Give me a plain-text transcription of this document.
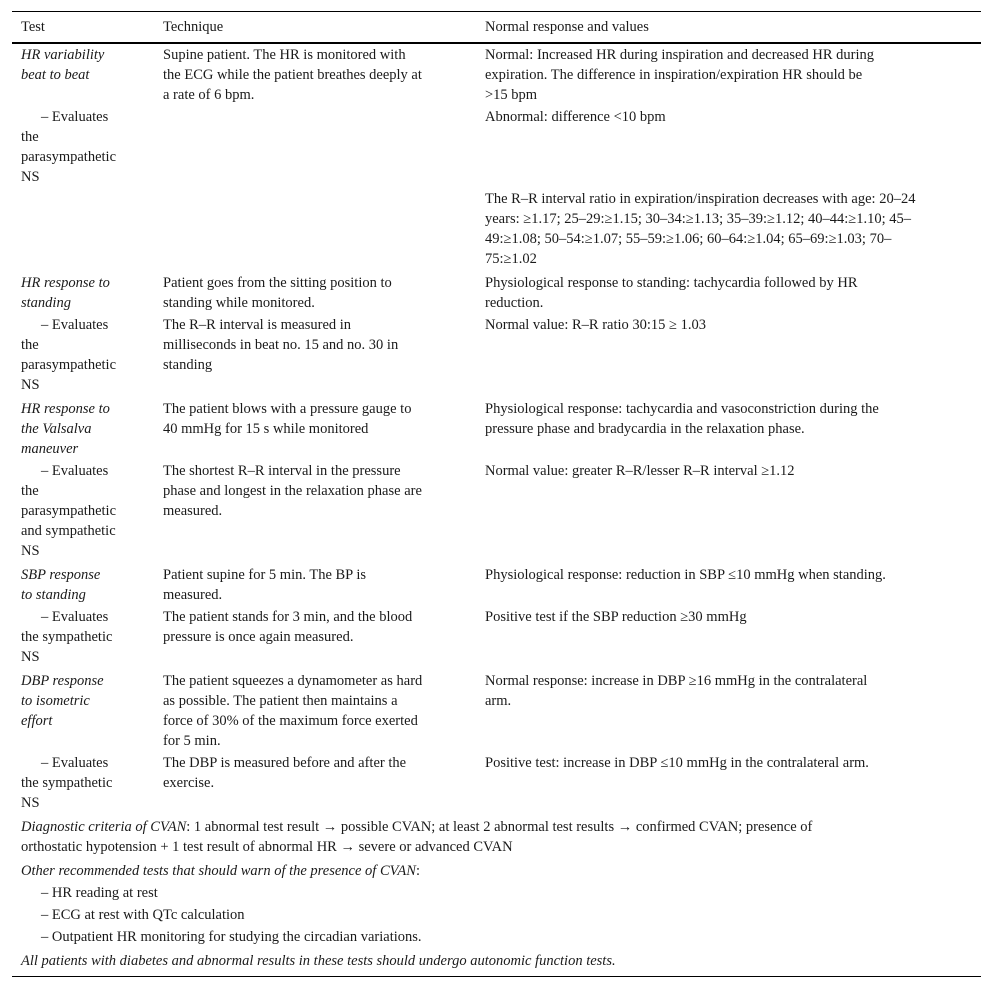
Test	Technique	Normal response and values
HR variability
beat to beat
– Evaluates
the
parasympathetic
NS
Supine patient. The HR is monitored with
the ECG while the patient breathes deeply at
a rate of 6 bpm.
Normal: Increased HR during inspiration and decreased HR during
expiration. The difference in inspiration/expiration HR should be
>15 bpm
Abnormal: difference <10 bpm
The R–R interval ratio in expiration/inspiration decreases with age: 20–24
years: ≥1.17; 25–29:≥1.15; 30–34:≥1.13; 35–39:≥1.12; 40–44:≥1.10; 45–
49:≥1.08; 50–54:≥1.07; 55–59:≥1.06; 60–64:≥1.04; 65–69:≥1.03; 70–
75:≥1.02
HR response to
standing
– Evaluates
the
parasympathetic
NS
Patient goes from the sitting position to
standing while monitored.
The R–R interval is measured in
milliseconds in beat no. 15 and no. 30 in
standing
Physiological response to standing: tachycardia followed by HR
reduction.
Normal value: R–R ratio 30:15 ≥ 1.03
HR response to
the Valsalva
maneuver
– Evaluates
the
parasympathetic
and sympathetic
NS
The patient blows with a pressure gauge to
40 mmHg for 15 s while monitored
The shortest R–R interval in the pressure
phase and longest in the relaxation phase are
measured.
Physiological response: tachycardia and vasoconstriction during the
pressure phase and bradycardia in the relaxation phase.
Normal value: greater R–R/lesser R–R interval ≥1.12
SBP response
to standing
– Evaluates
the sympathetic
NS
Patient supine for 5 min. The BP is
measured.
The patient stands for 3 min, and the blood
pressure is once again measured.
Physiological response: reduction in SBP ≤10 mmHg when standing.
Positive test if the SBP reduction ≥30 mmHg
DBP response
to isometric
effort
– Evaluates
the sympathetic
NS
The patient squeezes a dynamometer as hard
as possible. The patient then maintains a
force of 30% of the maximum force exerted
for 5 min.
The DBP is measured before and after the
exercise.
Normal response: increase in DBP ≥16 mmHg in the contralateral
arm.
Positive test: increase in DBP ≤10 mmHg in the contralateral arm.
Diagnostic criteria of CVAN: 1 abnormal test result → possible CVAN; at least 2 abnormal test results → confirmed CVAN; presence of
orthostatic hypotension + 1 test result of abnormal HR → severe or advanced CVAN
Other recommended tests that should warn of the presence of CVAN:
– HR reading at rest
– ECG at rest with QTc calculation
– Outpatient HR monitoring for studying the circadian variations.
All patients with diabetes and abnormal results in these tests should undergo autonomic function tests.
